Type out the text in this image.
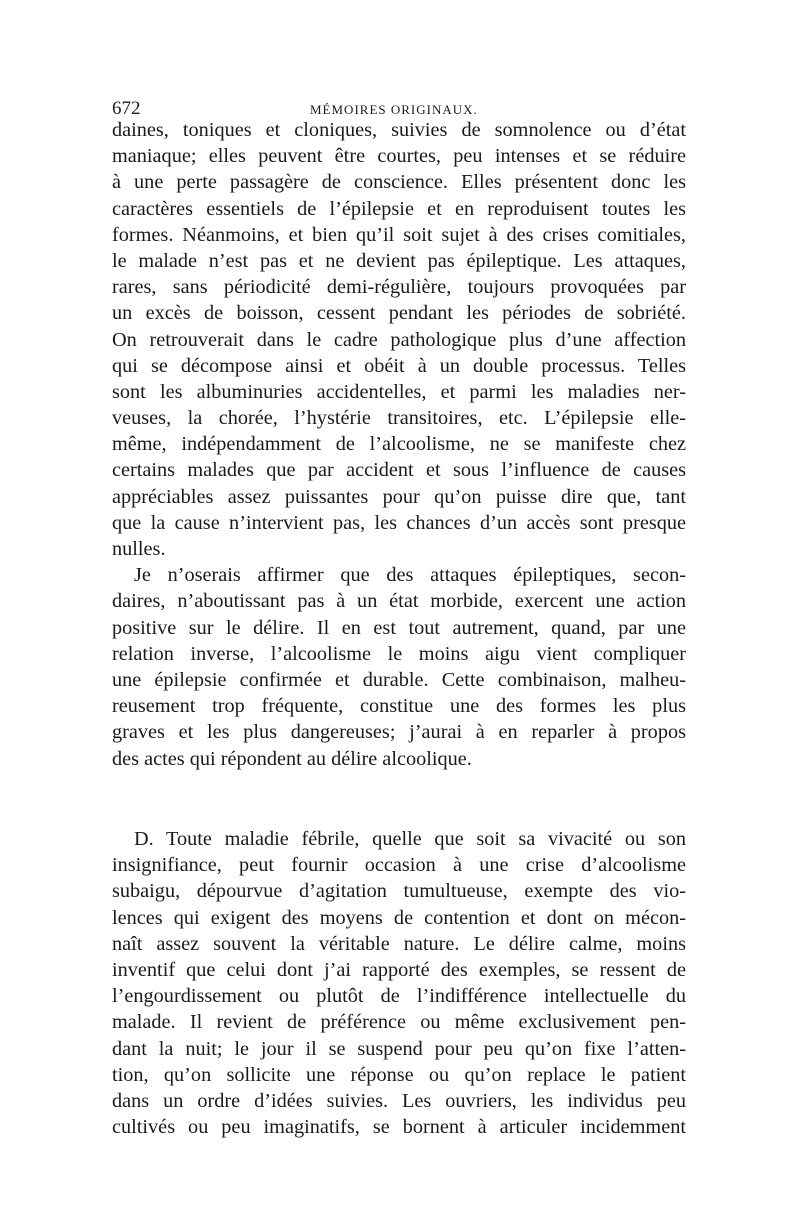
672	MÉMOIRES ORIGINAUX.
daines, toniques et cloniques, suivies de somnolence ou d’état
maniaque; elles peuvent être courtes, peu intenses et se réduire
à une perte passagère de conscience. Elles présentent donc les
caractères essentiels de l’épilepsie et en reproduisent toutes les
formes. Néanmoins, et bien qu’il soit sujet à des crises comitiales,
le malade n’est pas et ne devient pas épileptique. Les attaques,
rares, sans périodicité demi-régulière, toujours provoquées par
un excès de boisson, cessent pendant les périodes de sobriété.
On retrouverait dans le cadre pathologique plus d’une affection
qui se décompose ainsi et obéit à un double processus. Telles
sont les albuminuries accidentelles, et parmi les maladies ner-
veuses, la chorée, l’hystérie transitoires, etc. L’épilepsie elle-
même, indépendamment de l’alcoolisme, ne se manifeste chez
certains malades que par accident et sous l’influence de causes
appréciables assez puissantes pour qu’on puisse dire que, tant
que la cause n’intervient pas, les chances d’un accès sont presque
nulles.
Je n’oserais affirmer que des attaques épileptiques, secon-
daires, n’aboutissant pas à un état morbide, exercent une action
positive sur le délire. Il en est tout autrement, quand, par une
relation inverse, l’alcoolisme le moins aigu vient compliquer
une épilepsie confirmée et durable. Cette combinaison, malheu-
reusement trop fréquente, constitue une des formes les plus
graves et les plus dangereuses; j’aurai à en reparler à propos
des actes qui répondent au délire alcoolique.
D. Toute maladie fébrile, quelle que soit sa vivacité ou son
insignifiance, peut fournir occasion à une crise d’alcoolisme
subaigu, dépourvue d’agitation tumultueuse, exempte des vio-
lences qui exigent des moyens de contention et dont on mécon-
naît assez souvent la véritable nature. Le délire calme, moins
inventif que celui dont j’ai rapporté des exemples, se ressent de
l’engourdissement ou plutôt de l’indifférence intellectuelle du
malade. Il revient de préférence ou même exclusivement pen-
dant la nuit; le jour il se suspend pour peu qu’on fixe l’atten-
tion, qu’on sollicite une réponse ou qu’on replace le patient
dans un ordre d’idées suivies. Les ouvriers, les individus peu
cultivés ou peu imaginatifs, se bornent à articuler incidemment
